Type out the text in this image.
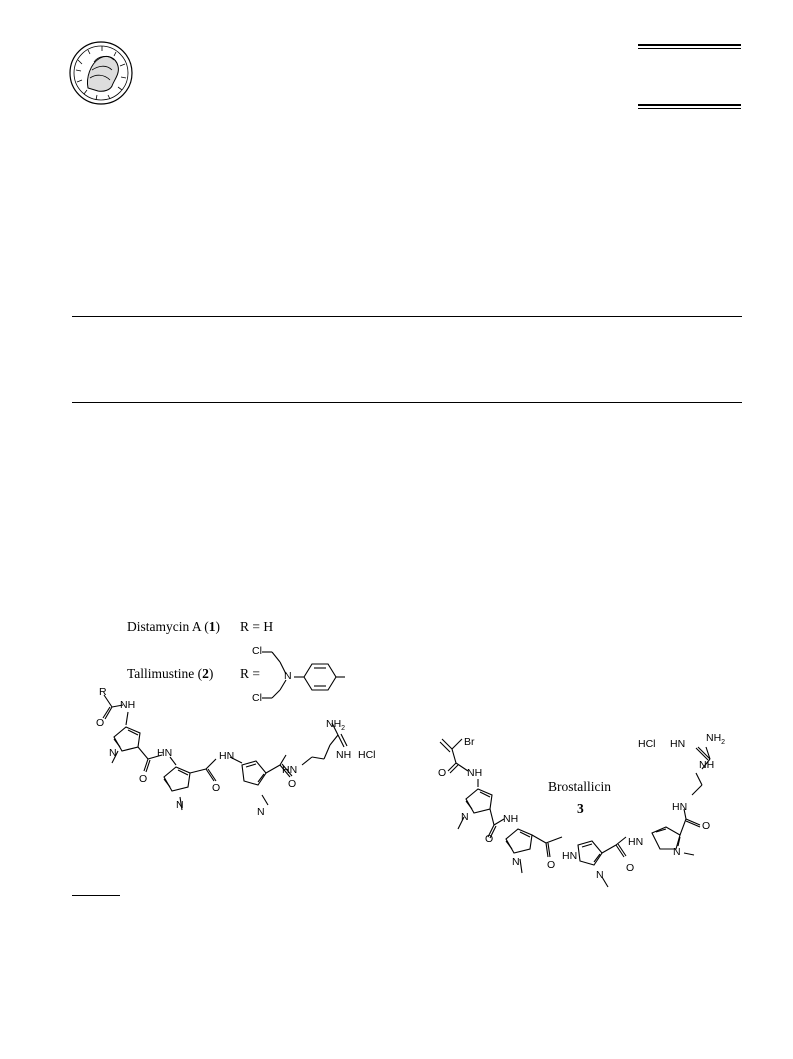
Distamycin A (1) R = H
Tallimustine (2) R =
Brostallicin
3
Cl
N
Cl
R
O
NH
N
O
HN
N
O
HN
N
O
HN
$NH_2$
NH HCl
Br
O NH
N
O
NH
N	O
HN
N
O
HN
N
O
HN
NH
HCl HN $NH_2$
